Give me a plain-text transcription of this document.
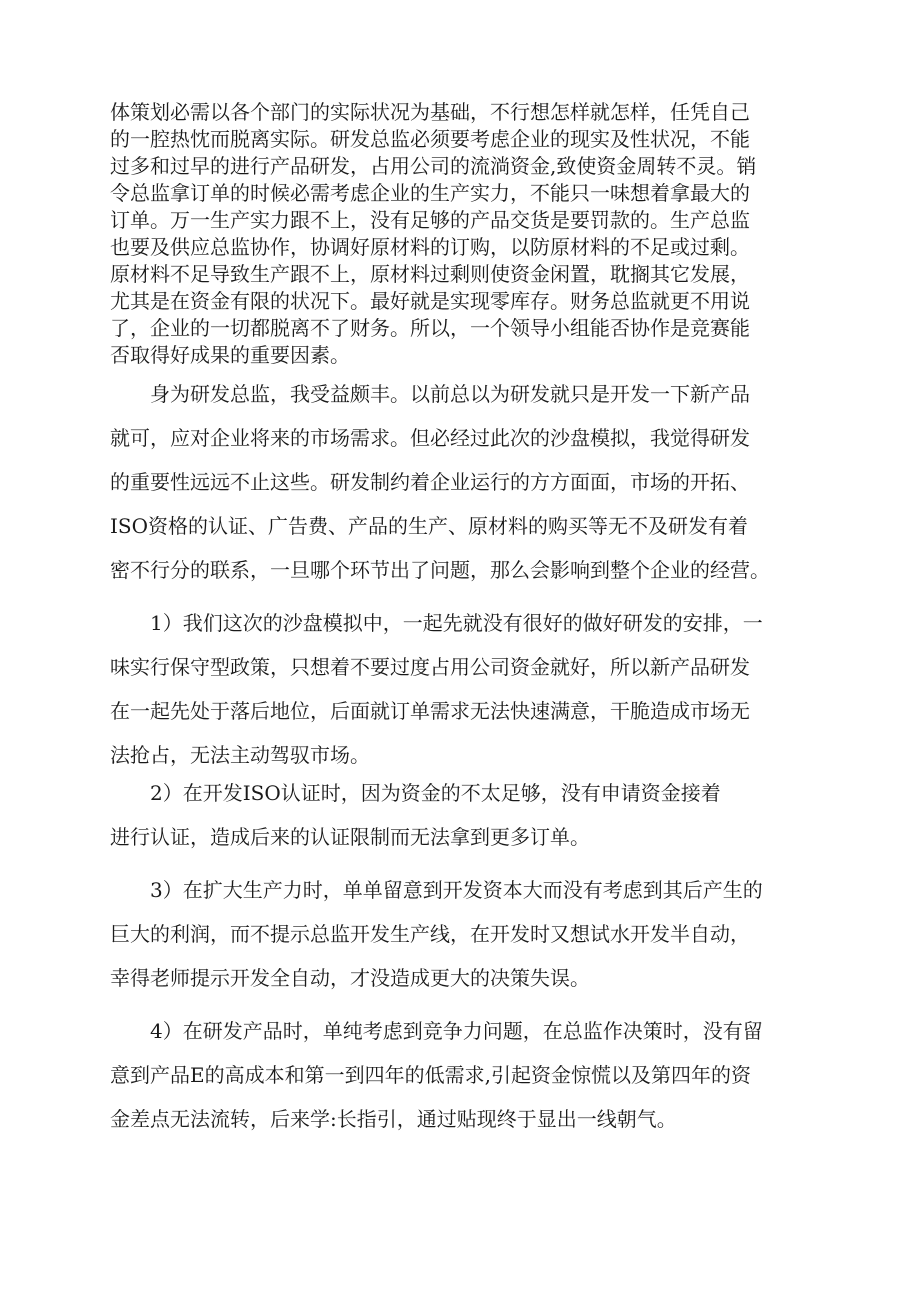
体策划必需以各个部门的实际状况为基础，不行想怎样就怎样，任凭自己

的一腔热忱而脱离实际。研发总监必须要考虑企业的现实及性状况，不能

过多和过早的进行产品研发，占用公司的流淌资金,致使资金周转不灵。销

令总监拿订单的时候必需考虑企业的生产实力，不能只一味想着拿最大的

订单。万一生产实力跟不上，没有足够的产品交货是要罚款的。生产总监

也要及供应总监协作，协调好原材料的订购，以防原材料的不足或过剩。

原材料不足导致生产跟不上，原材料过剩则使资金闲置，耽搁其它发展，

尤其是在资金有限的状况下。最好就是实现零库存。财务总监就更不用说

了，企业的一切都脱离不了财务。所以，一个领导小组能否协作是竞赛能

否取得好成果的重要因素。

身为研发总监，我受益颇丰。以前总以为研发就只是开发一下新产品

就可，应对企业将来的市场需求。但必经过此次的沙盘模拟，我觉得研发

的重要性远远不止这些。研发制约着企业运行的方方面面，市场的开拓、

ISO资格的认证、广告费、产品的生产、原材料的购买等无不及研发有着

密不行分的联系，一旦哪个环节出了问题，那么会影响到整个企业的经营。

1）我们这次的沙盘模拟中，一起先就没有很好的做好研发的安排，一

味实行保守型政策，只想着不要过度占用公司资金就好，所以新产品研发

在一起先处于落后地位，后面就订单需求无法快速满意，干脆造成市场无

法抢占，无法主动驾驭市场。

2）在开发ISO认证时，因为资金的不太足够，没有申请资金接着

进行认证，造成后来的认证限制而无法拿到更多订单。

3）在扩大生产力时，单单留意到开发资本大而没有考虑到其后产生的

巨大的利润，而不提示总监开发生产线，在开发时又想试水开发半自动，

幸得老师提示开发全自动，才没造成更大的决策失误。

4）在研发产品时，单纯考虑到竞争力问题，在总监作决策时，没有留

意到产品E的高成本和第一到四年的低需求,引起资金惊慌以及第四年的资

金差点无法流转，后来学:长指引，通过贴现终于显出一线朝气。
